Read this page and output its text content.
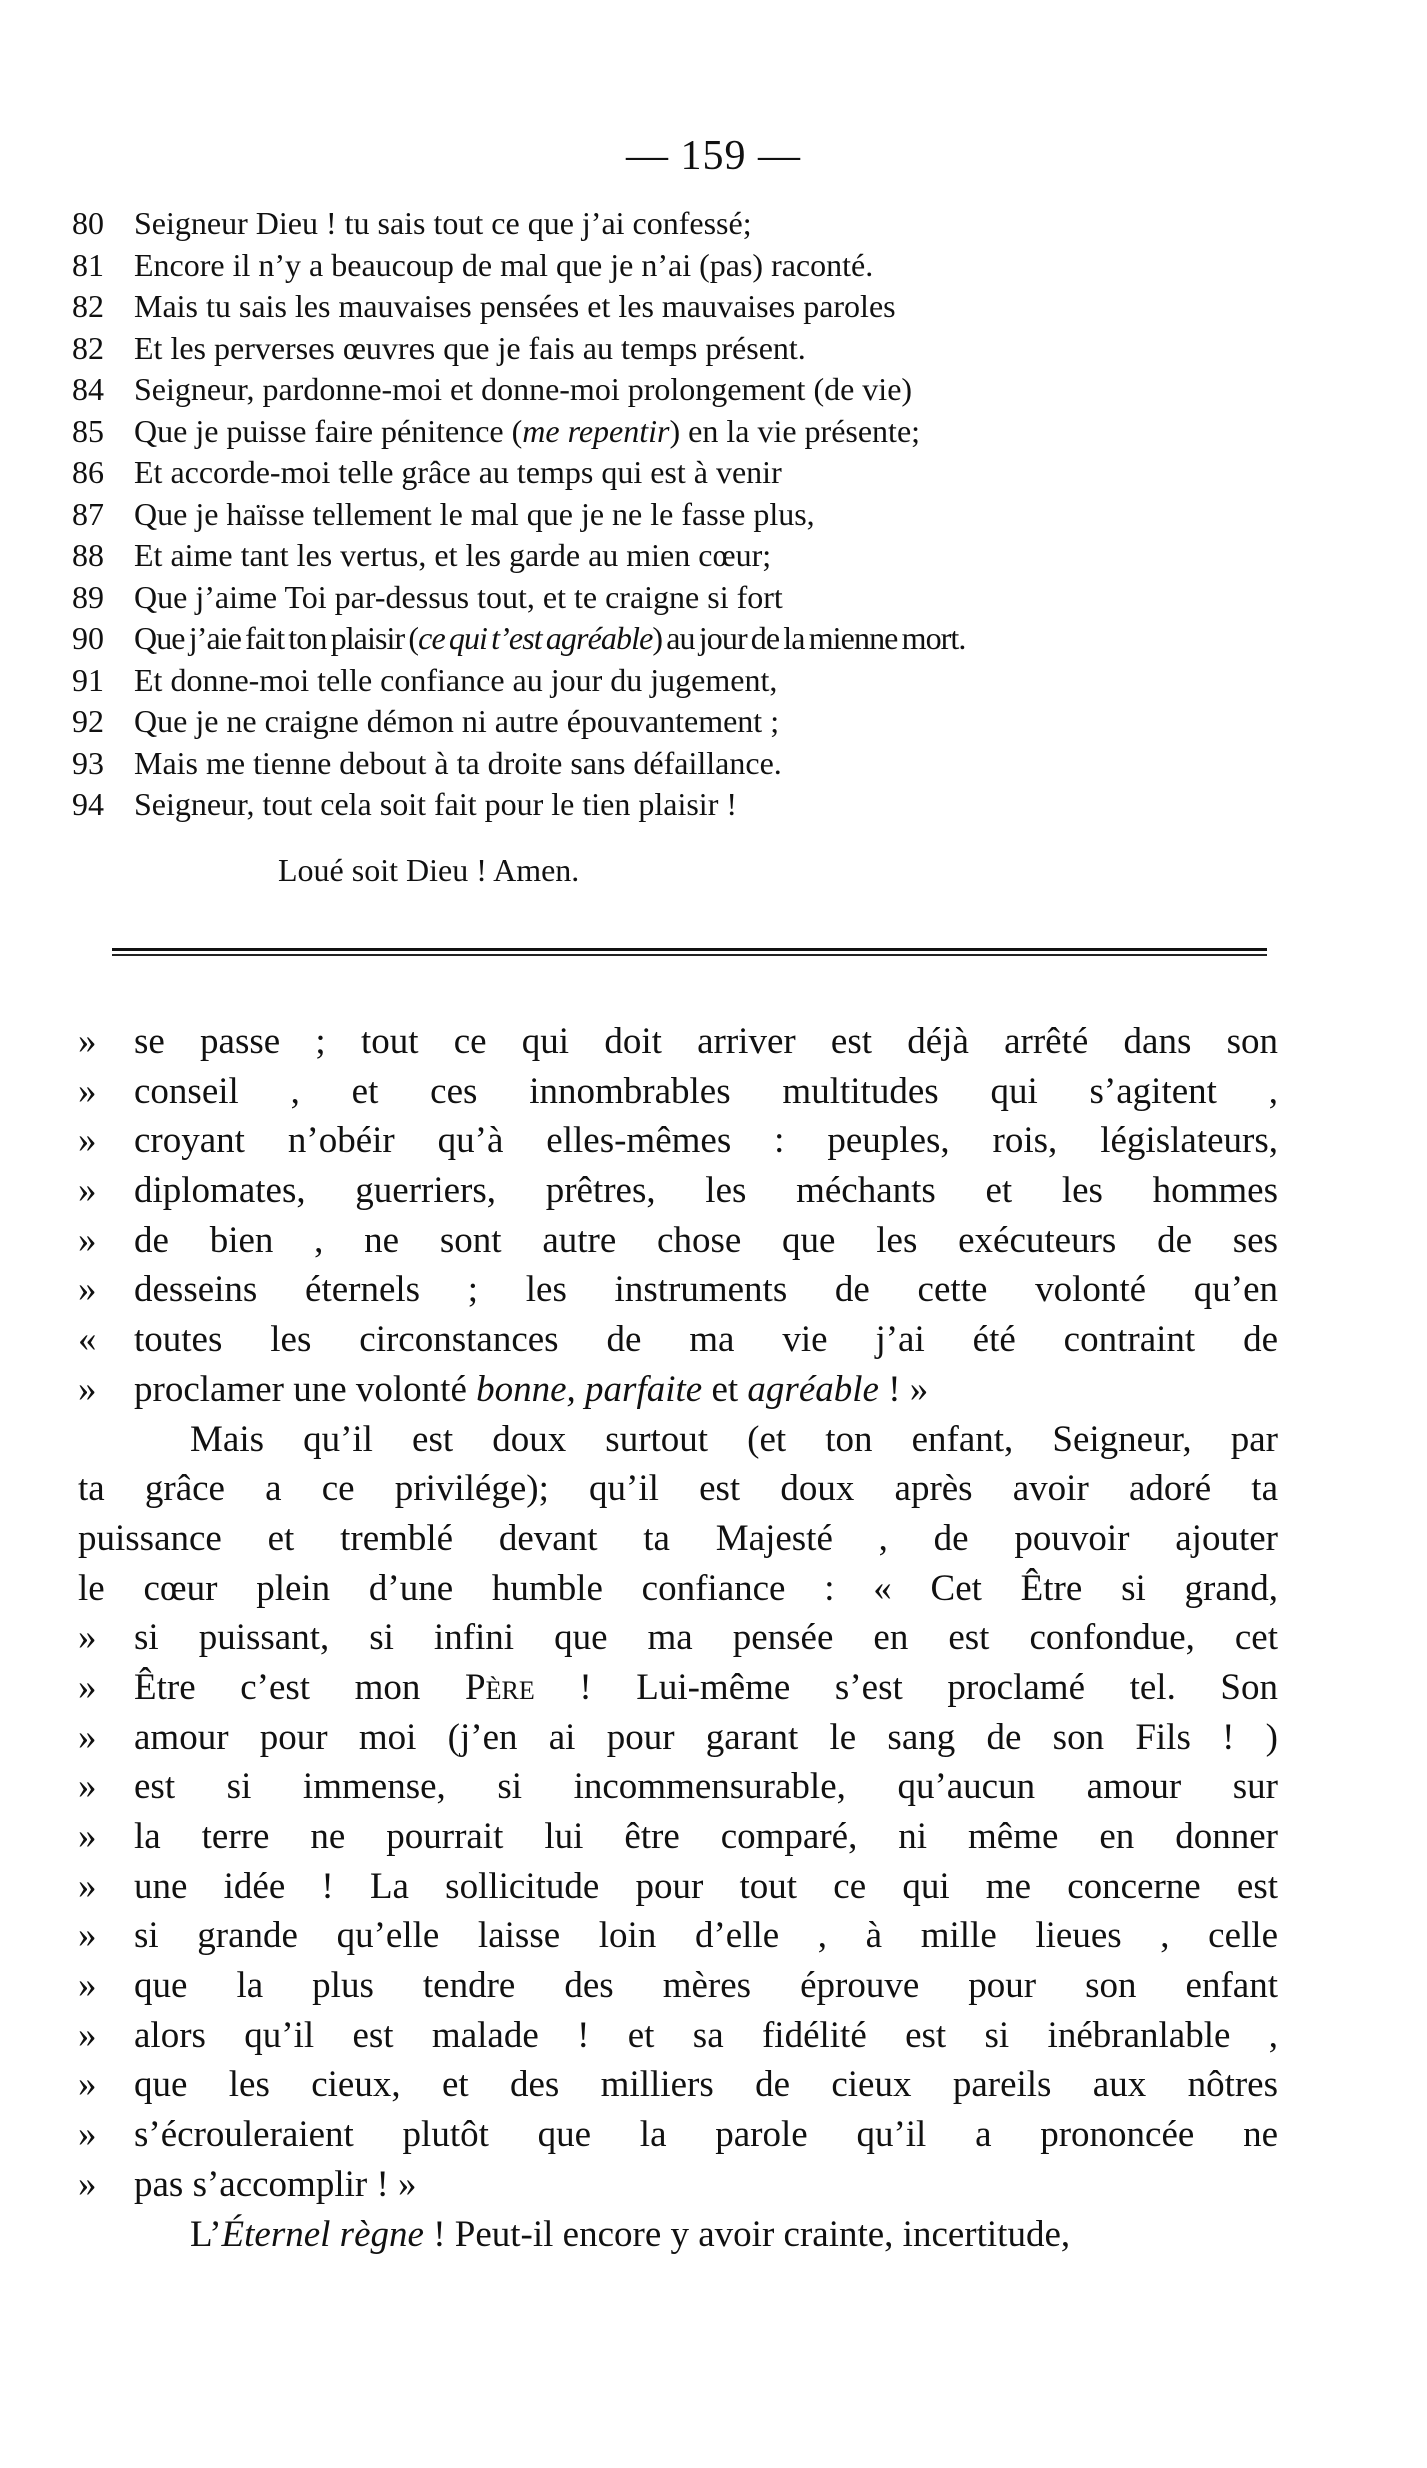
— 159 —
80 Seigneur Dieu ! tu sais tout ce que j’ai confessé;
81 Encore il n’y a beaucoup de mal que je n’ai (pas) raconté.
82 Mais tu sais les mauvaises pensées et les mauvaises paroles
82 Et les perverses œuvres que je fais au temps présent.
84 Seigneur, pardonne-moi et donne-moi prolongement (de vie)
85 Que je puisse faire pénitence (me repentir) en la vie présente;
86 Et accorde-moi telle grâce au temps qui est à venir
87 Que je haïsse tellement le mal que je ne le fasse plus,
88 Et aime tant les vertus, et les garde au mien cœur;
89 Que j’aime Toi par-dessus tout, et te craigne si fort
90 Que j’aie fait ton plaisir (ce qui t’est agréable) au jour de la mienne mort.
91 Et donne-moi telle confiance au jour du jugement,
92 Que je ne craigne démon ni autre épouvantement ;
93 Mais me tienne debout à ta droite sans défaillance.
94 Seigneur, tout cela soit fait pour le tien plaisir !
Loué soit Dieu ! Amen.
»	se passe ; tout ce qui doit arriver est déjà arrêté dans son
»	conseil , et ces innombrables multitudes qui s’agitent ,
»	croyant n’obéir qu’à elles-mêmes : peuples, rois, législateurs,
»	diplomates, guerriers, prêtres, les méchants et les hommes
»	de bien , ne sont autre chose que les exécuteurs de ses
»	desseins éternels ; les instruments de cette volonté qu’en
«	toutes les circonstances de ma vie j’ai été contraint de
»	proclamer une volonté bonne, parfaite et agréable ! »
Mais qu’il est doux surtout (et ton enfant, Seigneur, par
ta grâce a ce privilége); qu’il est doux après avoir adoré ta
puissance et tremblé devant ta Majesté , de pouvoir ajouter
le cœur plein d’une humble confiance : « Cet Être si grand,
»	si puissant, si infini que ma pensée en est confondue, cet
»	Être c’est mon Père ! Lui-même s’est proclamé tel. Son
»	amour pour moi (j’en ai pour garant le sang de son Fils ! )
»	est si immense, si incommensurable, qu’aucun amour sur
»	la terre ne pourrait lui être comparé, ni même en donner
»	une idée ! La sollicitude pour tout ce qui me concerne est
»	si grande qu’elle laisse loin d’elle , à mille lieues , celle
»	que la plus tendre des mères éprouve pour son enfant
»	alors qu’il est malade ! et sa fidélité est si inébranlable ,
»	que les cieux, et des milliers de cieux pareils aux nôtres
»	s’écrouleraient plutôt que la parole qu’il a prononcée ne
»	pas s’accomplir ! »
L’Éternel règne ! Peut-il encore y avoir crainte, incertitude,
